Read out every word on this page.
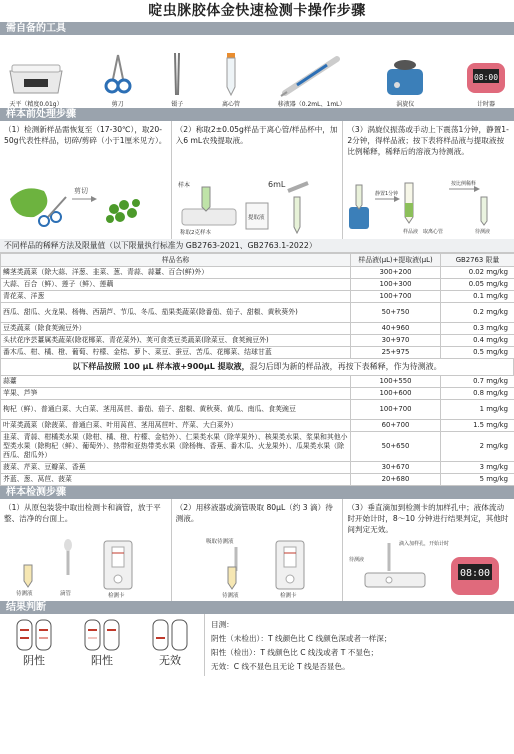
啶虫脒胶体金快速检测卡操作步骤
需自备的工具
天平（精度0.01g）	剪刀	镊子	离心管	移液器（0.2mL、1mL）	涡旋仪
08:00
计时器
样本前处理步骤
（1）检测新样品需恢复至（17-30℃），取20-50g代表性样品，切碎/剪碎（小于1厘米见方）。
剪切
（2）称取2±0.05g样品于离心管/样品杯中，加入6 mL农残提取液。
样本
称取2克样本
6mL
提取液
（3）涡旋仪振荡或手动上下震荡1分钟，静置1-2分钟，得样品液；按下表将样品液与提取液按比例稀释，稀释后的溶液为待测液。
静置1分钟
样品液 取离心管
按比例稀释
待测液
不同样品的稀释方法及限量值（以下限量执行标准为 GB2763-2021、GB2763.1-2022）
样品名称	样品液(μL)+提取液(μL)	GB2763 限量
鳞茎类蔬菜（除大蒜、洋葱、韭菜、葱、青蒜、蒜薹、百合(鲜)外）	300+200	0.02 mg/kg
大蒜、百合（鲜）、莲子（鲜）、莲藕	100+300	0.05 mg/kg
青花菜、洋葱	100+700	0.1 mg/kg
西瓜、甜瓜、火龙果、杨梅、西葫芦、节瓜、冬瓜、茄果类蔬菜(除番茄、茄子、甜椒、黄秋葵外)	50+750	0.2 mg/kg
豆类蔬菜（除食荚豌豆外）	40+960	0.3 mg/kg
头状花序芸薹属类蔬菜(除花椰菜、青花菜外)、荚可食类豆类蔬菜(除菜豆、食荚豌豆外)	30+970	0.4 mg/kg
番木瓜、柑、橘、橙、葡萄、柠檬、金桔、萝卜、菜豆、蚕豆、苦瓜、花椰菜、结球甘蓝	25+975	0.5 mg/kg
以下样品按照 100 μL 样本液+900μL 提取液，混匀后即为新的样品液，再按下表稀释，作为待测液。
蒜薹	100+550	0.7 mg/kg
苹果、芦笋	100+600	0.8 mg/kg
枸杞（鲜）、普通白菜、大白菜、茎用莴苣、番茄、茄子、甜椒、黄秋葵、黄瓜、南瓜、食荚豌豆	100+700	1 mg/kg
叶菜类蔬菜（除菠菜、普通白菜、叶用莴苣、茎用莴苣叶、芹菜、大白菜外）	60+700	1.5 mg/kg
韭菜、青蒜、柑橘类水果（除柑、橘、橙、柠檬、金桔外）、仁果类水果（除苹果外）、核果类水果、浆果和其他小型类水果（除枸杞（鲜）、葡萄外）、热带和亚热带类水果（除杨梅、香蕉、番木瓜、火龙果外）、瓜果类水果（除西瓜、甜瓜外）	50+650	2 mg/kg
菠菜、芹菜、豆瓣菜、香蕉	30+670	3 mg/kg
芥蓝、葱、莴苣、菠菜	20+680	5 mg/kg
样本检测步骤
（1）从原包装袋中取出检测卡和滴管，放于平整、洁净的台面上。
待测液	滴管	检测卡
（2）用移液器或滴管吸取 80μL（约 3 滴）待测液。
吸取待测液
待测液	检测卡
（3）垂直滴加到检测卡的加样孔中；液体流动时开始计时，8～10 分钟进行结果判定，其他时间判定无效。
滴入加样孔，开始计时
待测液
08:00
结果判断
阴性	阳性	无效
目测：
阴性（未检出）：T 线颜色比 C 线颜色深或者一样深；
阳性（检出）：T 线颜色比 C 线浅或者 T 不显色；
无效：C 线不显色且无论 T 线是否显色。
